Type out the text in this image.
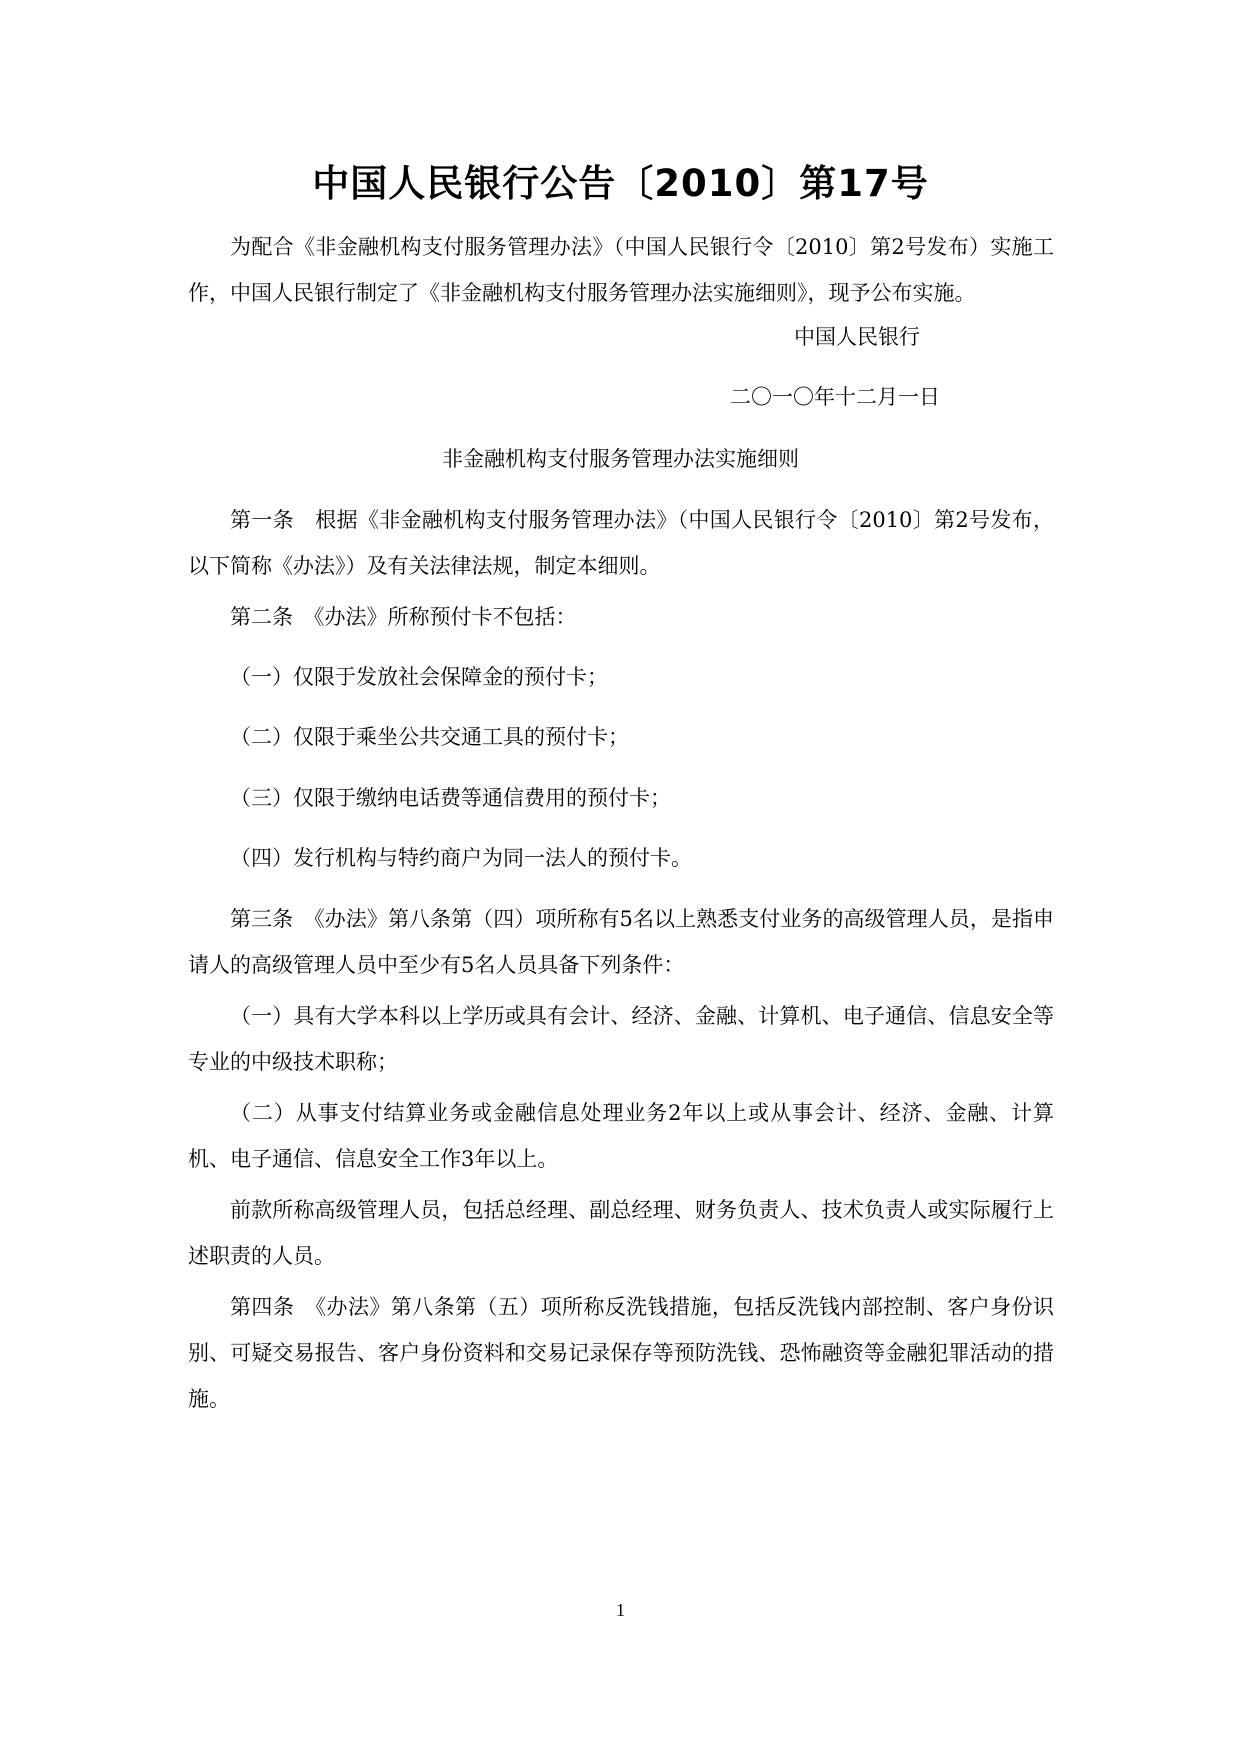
中国人民银行公告〔2010〕第17号
为配合《非金融机构支付服务管理办法》（中国人民银行令〔2010〕第2号发布）实施工作，中国人民银行制定了《非金融机构支付服务管理办法实施细则》，现予公布实施。
中国人民银行
二〇一〇年十二月一日
非金融机构支付服务管理办法实施细则
第一条　根据《非金融机构支付服务管理办法》（中国人民银行令〔2010〕第2号发布，以下简称《办法》）及有关法律法规，制定本细则。
第二条　《办法》所称预付卡不包括：
（一）仅限于发放社会保障金的预付卡；
（二）仅限于乘坐公共交通工具的预付卡；
（三）仅限于缴纳电话费等通信费用的预付卡；
（四）发行机构与特约商户为同一法人的预付卡。
第三条　《办法》第八条第（四）项所称有5名以上熟悉支付业务的高级管理人员，是指申请人的高级管理人员中至少有5名人员具备下列条件：
（一）具有大学本科以上学历或具有会计、经济、金融、计算机、电子通信、信息安全等专业的中级技术职称；
（二）从事支付结算业务或金融信息处理业务2年以上或从事会计、经济、金融、计算机、电子通信、信息安全工作3年以上。
前款所称高级管理人员，包括总经理、副总经理、财务负责人、技术负责人或实际履行上述职责的人员。
第四条　《办法》第八条第（五）项所称反洗钱措施，包括反洗钱内部控制、客户身份识别、可疑交易报告、客户身份资料和交易记录保存等预防洗钱、恐怖融资等金融犯罪活动的措施。
1
